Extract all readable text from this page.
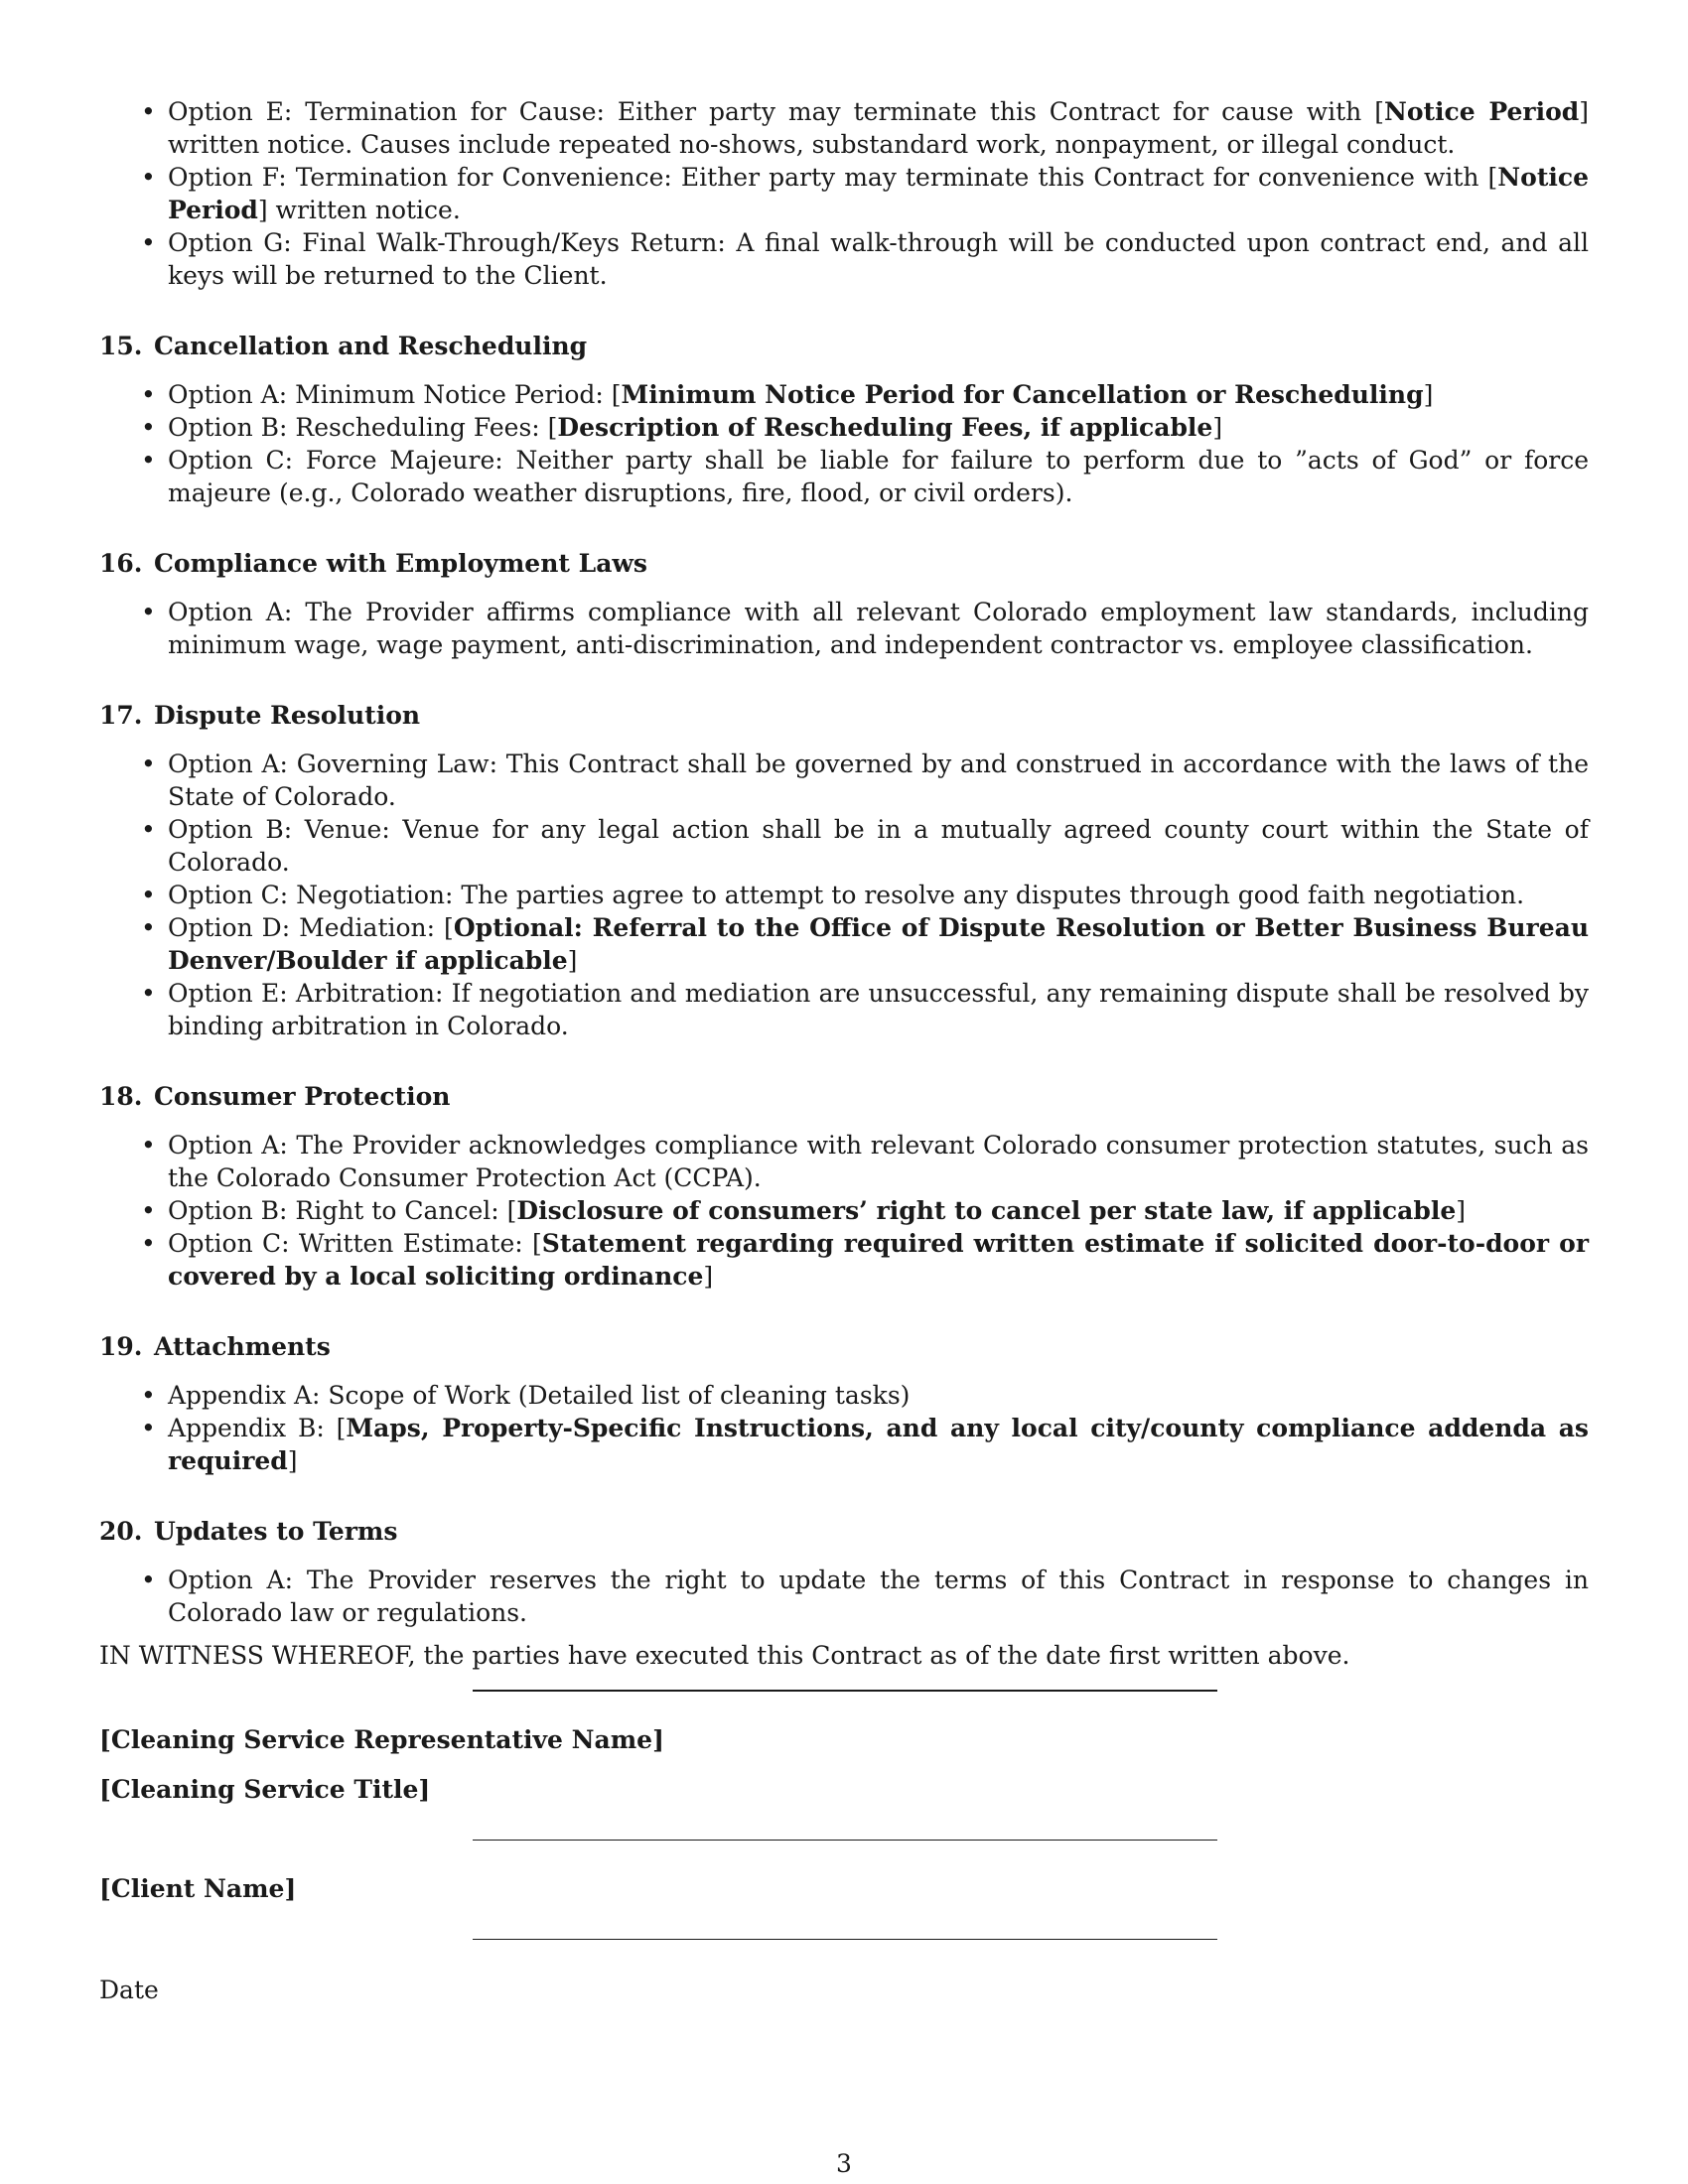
• Option E: Termination for Cause: Either party may terminate this Contract for cause with [Notice Period] written notice. Causes include repeated no-shows, substandard work, nonpayment, or illegal conduct.
• Option F: Termination for Convenience: Either party may terminate this Contract for convenience with [Notice Period] written notice.
• Option G: Final Walk-Through/Keys Return: A final walk-through will be conducted upon contract end, and all keys will be returned to the Client.
15. Cancellation and Rescheduling
• Option A: Minimum Notice Period: [Minimum Notice Period for Cancellation or Rescheduling]
• Option B: Rescheduling Fees: [Description of Rescheduling Fees, if applicable]
• Option C: Force Majeure: Neither party shall be liable for failure to perform due to ”acts of God” or force majeure (e.g., Colorado weather disruptions, fire, flood, or civil orders).
16. Compliance with Employment Laws
• Option A: The Provider affirms compliance with all relevant Colorado employment law standards, including minimum wage, wage payment, anti-discrimination, and independent contractor vs. employee classification.
17. Dispute Resolution
• Option A: Governing Law: This Contract shall be governed by and construed in accordance with the laws of the State of Colorado.
• Option B: Venue: Venue for any legal action shall be in a mutually agreed county court within the State of Colorado.
• Option C: Negotiation: The parties agree to attempt to resolve any disputes through good faith negotiation.
• Option D: Mediation: [Optional: Referral to the Office of Dispute Resolution or Better Business Bureau Denver/Boulder if applicable]
• Option E: Arbitration: If negotiation and mediation are unsuccessful, any remaining dispute shall be resolved by binding arbitration in Colorado.
18. Consumer Protection
• Option A: The Provider acknowledges compliance with relevant Colorado consumer protection statutes, such as the Colorado Consumer Protection Act (CCPA).
• Option B: Right to Cancel: [Disclosure of consumers’ right to cancel per state law, if applicable]
• Option C: Written Estimate: [Statement regarding required written estimate if solicited door-to-door or covered by a local soliciting ordinance]
19. Attachments
• Appendix A: Scope of Work (Detailed list of cleaning tasks)
• Appendix B: [Maps, Property-Specific Instructions, and any local city/county compliance addenda as required]
20. Updates to Terms
• Option A: The Provider reserves the right to update the terms of this Contract in response to changes in Colorado law or regulations.

IN WITNESS WHEREOF, the parties have executed this Contract as of the date first written above.

[Cleaning Service Representative Name]
[Cleaning Service Title]
[Client Name]
Date
3
